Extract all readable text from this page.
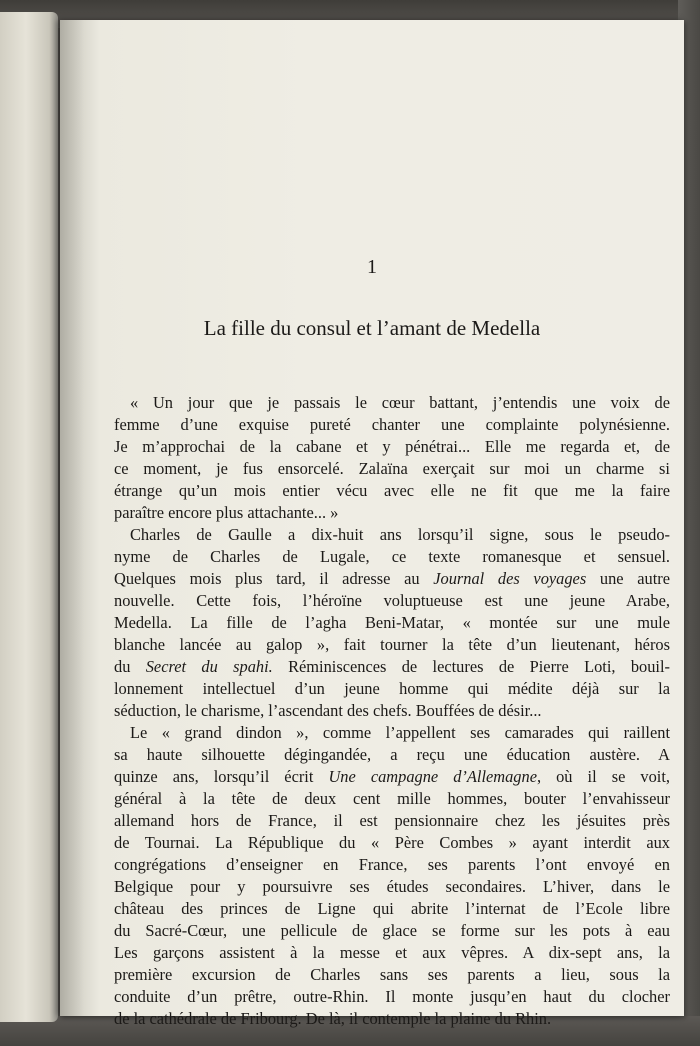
1
La fille du consul et l’amant de Medella
« Un jour que je passais le cœur battant, j’entendis une voix de
femme d’une exquise pureté chanter une complainte polynésienne.
Je m’approchai de la cabane et y pénétrai... Elle me regarda et, de
ce moment, je fus ensorcelé. Zalaïna exerçait sur moi un charme si
étrange qu’un mois entier vécu avec elle ne fit que me la faire
paraître encore plus attachante... »
Charles de Gaulle a dix-huit ans lorsqu’il signe, sous le pseudo-
nyme de Charles de Lugale, ce texte romanesque et sensuel.
Quelques mois plus tard, il adresse au Journal des voyages une autre
nouvelle. Cette fois, l’héroïne voluptueuse est une jeune Arabe,
Medella. La fille de l’agha Beni-Matar, « montée sur une mule
blanche lancée au galop », fait tourner la tête d’un lieutenant, héros
du Secret du spahi. Réminiscences de lectures de Pierre Loti, bouil-
lonnement intellectuel d’un jeune homme qui médite déjà sur la
séduction, le charisme, l’ascendant des chefs. Bouffées de désir...
Le « grand dindon », comme l’appellent ses camarades qui raillent
sa haute silhouette dégingandée, a reçu une éducation austère. A
quinze ans, lorsqu’il écrit Une campagne d’Allemagne, où il se voit,
général à la tête de deux cent mille hommes, bouter l’envahisseur
allemand hors de France, il est pensionnaire chez les jésuites près
de Tournai. La République du « Père Combes » ayant interdit aux
congrégations d’enseigner en France, ses parents l’ont envoyé en
Belgique pour y poursuivre ses études secondaires. L’hiver, dans le
château des princes de Ligne qui abrite l’internat de l’Ecole libre
du Sacré-Cœur, une pellicule de glace se forme sur les pots à eau
Les garçons assistent à la messe et aux vêpres. A dix-sept ans, la
première excursion de Charles sans ses parents a lieu, sous la
conduite d’un prêtre, outre-Rhin. Il monte jusqu’en haut du clocher
de la cathédrale de Fribourg. De là, il contemple la plaine du Rhin.
